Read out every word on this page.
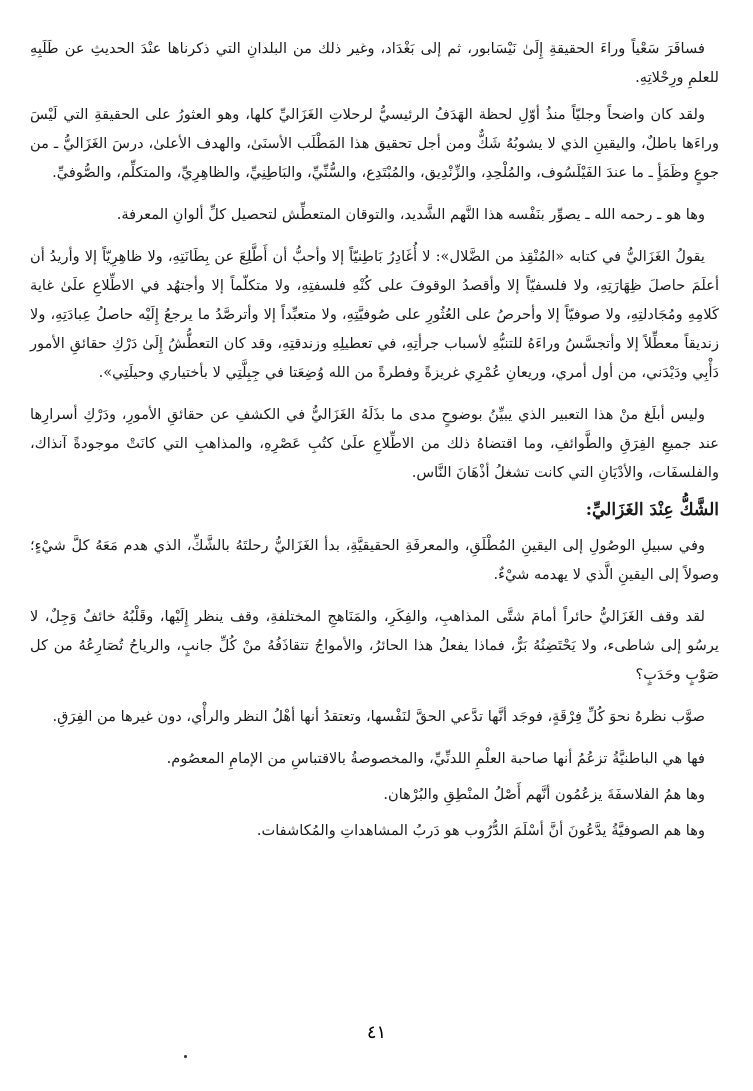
فسافَرَ سَعْياً وراءَ الحقيقةِ إِلَىٰ نَيْسَابور، ثم إلى بَغْدَاد، وغير ذلك من البلدانِ التي ذكرناها عنْدَ الحديثِ عن طَلَبِهِ للعلمِ ورِحْلاتِهِ.

ولقد كان واضحاً وجليّاً منذُ أوّلِ لحظة الهَدَفُ الرئيسيُّ لرحلاتِ الغَزَاليِّ كلها، وهو العثورُ على الحقيقةِ التي لَيْسَ وراءَها باطلٌ، واليقينِ الذي لا يشوبُهُ شَكٌّ ومن أجل تحقيق هذا المَطْلَب الأسنَىٰ، والهدف الأعلىٰ، درسَ الغَزَاليُّ ـ من جوعٍ وظَمَأٍ ـ ما عندَ الفَيْلَسُوف، والمُلْحِدِ، والزِّنْدِيق، والمُبْتَدِع، والسُّنِّيِّ، والبَاطِنِيِّ، والظاهِرِيِّ، والمتكلِّم، والصُّوفيِّ.

وها هو ـ رحمه الله ـ يصوِّر بنَفْسه هذا النَّهم الشَّديد، والتوقان المتعطِّش لتحصيل كلِّ ألوانِ المعرفة.

يقولُ الغَزَاليُّ في كتابه «المُنْقِذ من الضَّلال»: لا أُغَادِرُ بَاطِنيّاً إلا وأحبُّ أن أَطَّلِعَ عن بِطَانَتِهِ، ولا ظاهِرِيّاً إلا وأريدُ أن أعلَمَ حاصلَ ظِهَارَتِهِ، ولا فلسفيّاً إلا وأقصدُ الوقوفَ على كُنْهِ فلسفتِهِ، ولا متكلّماً إلا وأجتهُد في الاطِّلاعِ علَىٰ غاية كَلامِهِ ومُجَادلتِهِ، ولا صوفيّاً إلا وأحرصُ على العُثُورِ على صُوفيَّتِهِ، ولا متعبِّداً إلا وأترصَّدُ ما يرجعُ إِلَيْه حاصلُ عِبادَتِهِ، ولا زنديقاً معطِّلاً إلا وأتجسَّسُ وراءَهُ للتنبُّهِ لأسباب جرأتِهِ، في تعطيلِهِ وزندقتِهِ، وقد كان التعطُّشُ إِلَىٰ دَرْكِ حقائقِ الأمور دَأْبِي ودَيْدَني، من أول أمري، وريعانِ عُمْرِي غريزةً وفطرةً من الله وُضِعَتا في جِبِلَّتِي لا بأختياري وحيلَتِي».

وليس أبلَغ منْ هذا التعبير الذي يبيِّنُ بوضوحٍ مدى ما بذَلَهُ الغَزَاليُّ في الكشفِ عن حقائقِ الأمورِ، ودَرْكِ أسرارِها عند جميعِ الفِرَقِ والطَّوائفِ، وما اقتضاهُ ذلك من الاطِّلاعِ علَىٰ كتُبِ عَصْرِهِ، والمذاهبِ التي كانَتْ موجودةً آنذاك، والفلسفَات، والأدْيَانِ التي كانت تشغلُ أذْهَانَ النَّاس.

الشَّكُّ عِنْدَ الغَزَاليِّ:

وفي سبيلِ الوصُولِ إلى اليقينِ المُطْلَقِ، والمعرفَةِ الحقيقيَّةِ، بدأ الغَزَاليُّ رحلتَهُ بالشَّكِّ، الذي هدم مَعَهُ كلَّ شيْءٍ؛ وصولاً إلى اليقينِ الَّذي لا يهدمه شيْءٌ.

لقد وقف الغَزَاليُّ حائراً أمامَ شتَّى المذاهبِ، والفِكَرِ، والمَنَاهجِ المختلفةِ، وقف ينظر إِلَيْها، وقَلْبُهُ خائفٌ وَجِلٌ، لا يرسُو إلى شاطىء، ولا يَحْتَضِنُهُ بَرٌّ، فماذا يفعلُ هذا الحائرُ، والأمواجُ تتقاذَفُهُ منْ كُلِّ جانبٍ، والرياحُ تُصَارِعُهُ من كل صَوْبٍ وحَدَبٍ؟

صوَّب نظرهُ نحوَ كُلِّ فِرْقَةٍ، فوجَد أنَّها تدَّعي الحقَّ لنَفْسها، وتعتقدُ أنها أهْلُ النظر والرأْي، دون غيرها من الفِرَقِ.

فها هي الباطنيَّةُ تزعُمُ أنها صاحبة العلْمِ اللدنِّيِّ، والمخصوصةُ بالاقتباسِ من الإمامِ المعصُوم.

وها همُ الفلاسفَةَ يزعُمُون أنَّهم أَصْلُ المنْطِقِ والبُرْهان.

وها هم الصوفيَّةُ يدَّعُونَ أنَّ أسْلَمَ الدُّرُوب هو دَربُ المشاهداتِ والمُكاشفات.

٤١
